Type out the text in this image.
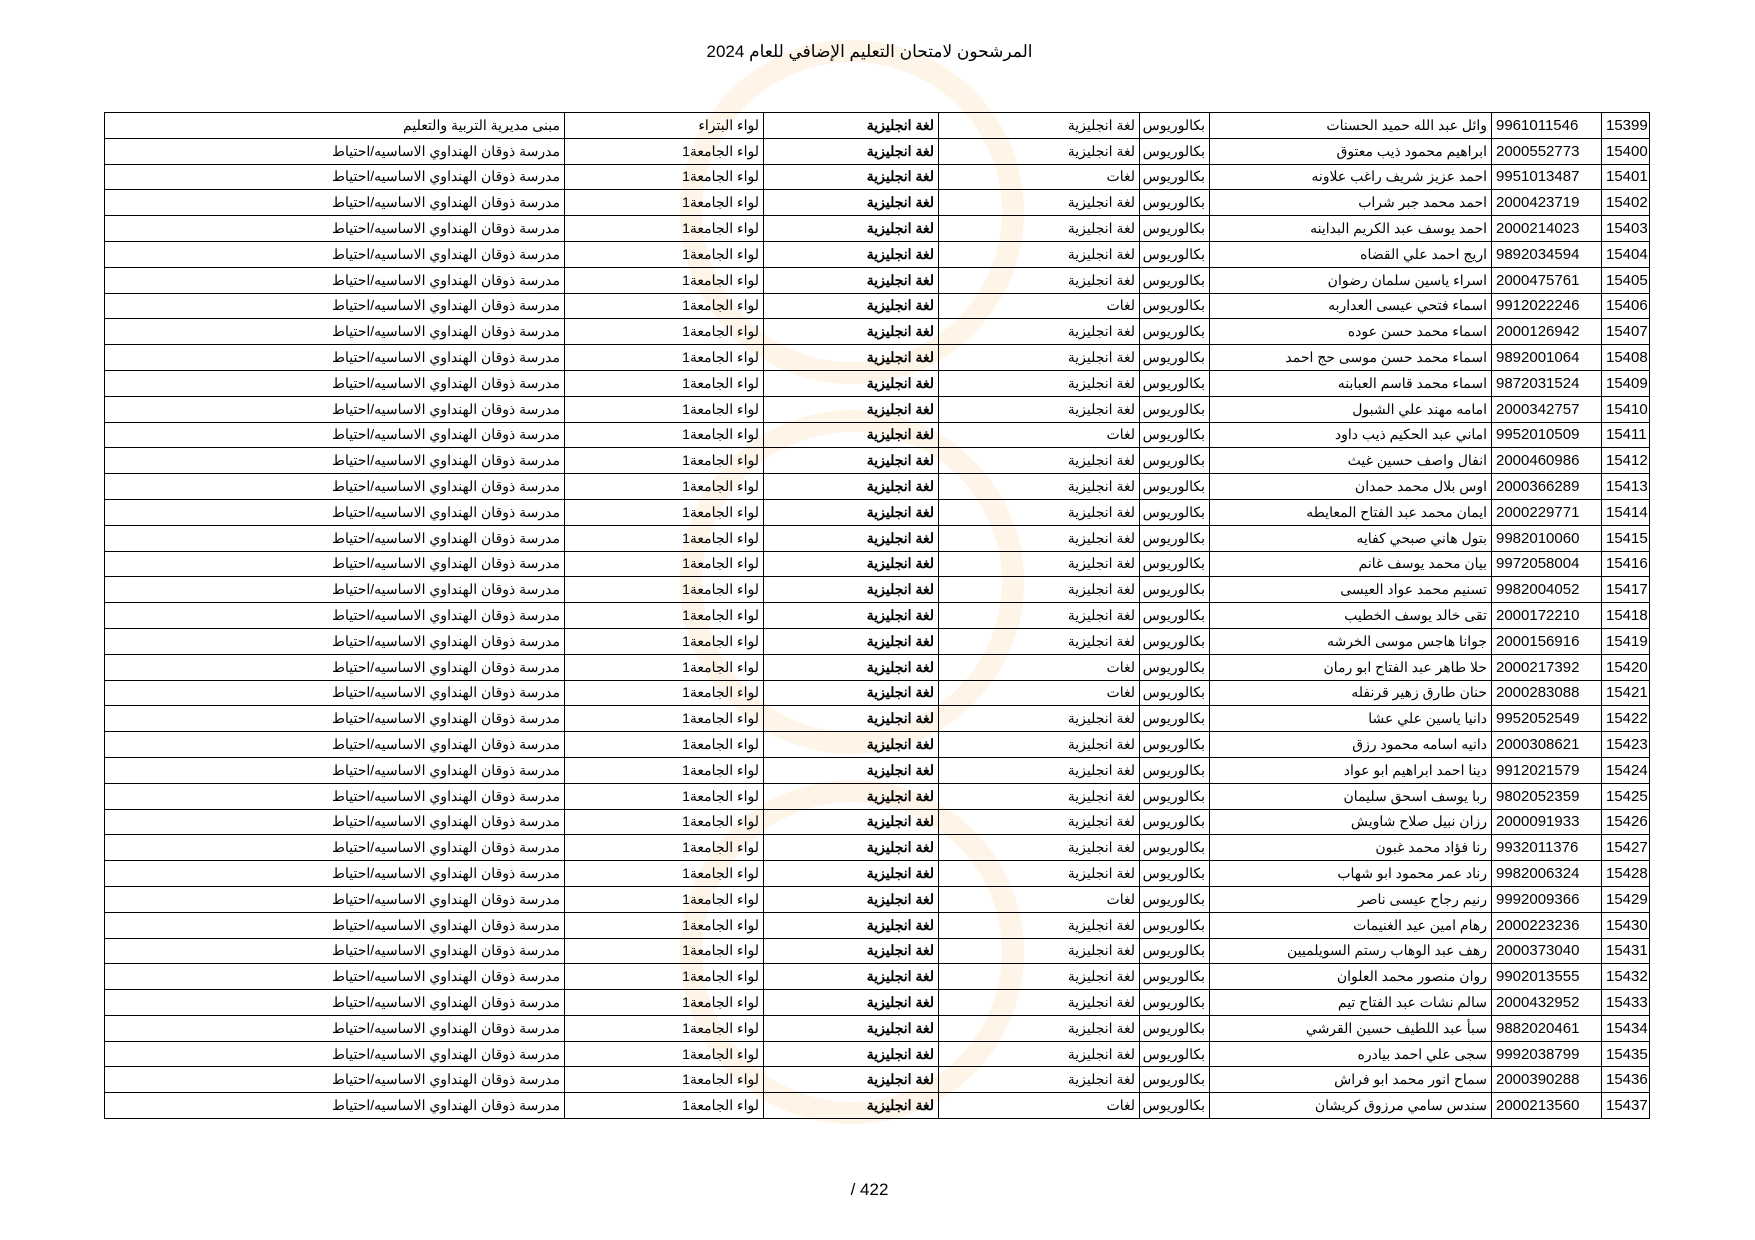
المرشحون لامتحان التعليم الإضافي للعام 2024
15399	9961011546	وائل عبد الله حميد الحسنات	بكالوريوس	لغة انجليزية	لغة انجليزية	لواء البتراء	مبنى مديرية التربية والتعليم
15400	2000552773	ابراهيم محمود ذيب معتوق	بكالوريوس	لغة انجليزية	لغة انجليزية	لواء الجامعة1	مدرسة ذوقان الهنداوي الاساسيه/احتياط
15401	9951013487	احمد عزيز شريف راغب علاونه	بكالوريوس	لغات	لغة انجليزية	لواء الجامعة1	مدرسة ذوقان الهنداوي الاساسيه/احتياط
15402	2000423719	احمد محمد جبر شراب	بكالوريوس	لغة انجليزية	لغة انجليزية	لواء الجامعة1	مدرسة ذوقان الهنداوي الاساسيه/احتياط
15403	2000214023	احمد يوسف عبد الكريم البداينه	بكالوريوس	لغة انجليزية	لغة انجليزية	لواء الجامعة1	مدرسة ذوقان الهنداوي الاساسيه/احتياط
15404	9892034594	اريج احمد علي القضاه	بكالوريوس	لغة انجليزية	لغة انجليزية	لواء الجامعة1	مدرسة ذوقان الهنداوي الاساسيه/احتياط
15405	2000475761	اسراء ياسين سلمان رضوان	بكالوريوس	لغة انجليزية	لغة انجليزية	لواء الجامعة1	مدرسة ذوقان الهنداوي الاساسيه/احتياط
15406	9912022246	اسماء فتحي عيسى العداربه	بكالوريوس	لغات	لغة انجليزية	لواء الجامعة1	مدرسة ذوقان الهنداوي الاساسيه/احتياط
15407	2000126942	اسماء محمد حسن عوده	بكالوريوس	لغة انجليزية	لغة انجليزية	لواء الجامعة1	مدرسة ذوقان الهنداوي الاساسيه/احتياط
15408	9892001064	اسماء محمد حسن موسى حج احمد	بكالوريوس	لغة انجليزية	لغة انجليزية	لواء الجامعة1	مدرسة ذوقان الهنداوي الاساسيه/احتياط
15409	9872031524	اسماء محمد قاسم العبابنه	بكالوريوس	لغة انجليزية	لغة انجليزية	لواء الجامعة1	مدرسة ذوقان الهنداوي الاساسيه/احتياط
15410	2000342757	امامه مهند علي الشبول	بكالوريوس	لغة انجليزية	لغة انجليزية	لواء الجامعة1	مدرسة ذوقان الهنداوي الاساسيه/احتياط
15411	9952010509	اماني عبد الحكيم ذيب داود	بكالوريوس	لغات	لغة انجليزية	لواء الجامعة1	مدرسة ذوقان الهنداوي الاساسيه/احتياط
15412	2000460986	انفال واصف حسين غيث	بكالوريوس	لغة انجليزية	لغة انجليزية	لواء الجامعة1	مدرسة ذوقان الهنداوي الاساسيه/احتياط
15413	2000366289	اوس بلال محمد حمدان	بكالوريوس	لغة انجليزية	لغة انجليزية	لواء الجامعة1	مدرسة ذوقان الهنداوي الاساسيه/احتياط
15414	2000229771	ايمان محمد عبد الفتاح المعايطه	بكالوريوس	لغة انجليزية	لغة انجليزية	لواء الجامعة1	مدرسة ذوقان الهنداوي الاساسيه/احتياط
15415	9982010060	بتول هاني صبحي كفايه	بكالوريوس	لغة انجليزية	لغة انجليزية	لواء الجامعة1	مدرسة ذوقان الهنداوي الاساسيه/احتياط
15416	9972058004	بيان محمد يوسف غانم	بكالوريوس	لغة انجليزية	لغة انجليزية	لواء الجامعة1	مدرسة ذوقان الهنداوي الاساسيه/احتياط
15417	9982004052	تسنيم محمد عواد العيسى	بكالوريوس	لغة انجليزية	لغة انجليزية	لواء الجامعة1	مدرسة ذوقان الهنداوي الاساسيه/احتياط
15418	2000172210	تقى خالد يوسف الخطيب	بكالوريوس	لغة انجليزية	لغة انجليزية	لواء الجامعة1	مدرسة ذوقان الهنداوي الاساسيه/احتياط
15419	2000156916	جوانا هاجس موسى الخرشه	بكالوريوس	لغة انجليزية	لغة انجليزية	لواء الجامعة1	مدرسة ذوقان الهنداوي الاساسيه/احتياط
15420	2000217392	حلا طاهر عبد الفتاح ابو رمان	بكالوريوس	لغات	لغة انجليزية	لواء الجامعة1	مدرسة ذوقان الهنداوي الاساسيه/احتياط
15421	2000283088	حنان طارق زهير قرنفله	بكالوريوس	لغات	لغة انجليزية	لواء الجامعة1	مدرسة ذوقان الهنداوي الاساسيه/احتياط
15422	9952052549	دانيا ياسين علي عشا	بكالوريوس	لغة انجليزية	لغة انجليزية	لواء الجامعة1	مدرسة ذوقان الهنداوي الاساسيه/احتياط
15423	2000308621	دانيه اسامه محمود رزق	بكالوريوس	لغة انجليزية	لغة انجليزية	لواء الجامعة1	مدرسة ذوقان الهنداوي الاساسيه/احتياط
15424	9912021579	دينا احمد ابراهيم ابو عواد	بكالوريوس	لغة انجليزية	لغة انجليزية	لواء الجامعة1	مدرسة ذوقان الهنداوي الاساسيه/احتياط
15425	9802052359	ربا يوسف اسحق سليمان	بكالوريوس	لغة انجليزية	لغة انجليزية	لواء الجامعة1	مدرسة ذوقان الهنداوي الاساسيه/احتياط
15426	2000091933	رزان نبيل صلاح شاويش	بكالوريوس	لغة انجليزية	لغة انجليزية	لواء الجامعة1	مدرسة ذوقان الهنداوي الاساسيه/احتياط
15427	9932011376	رنا فؤاد محمد غبون	بكالوريوس	لغة انجليزية	لغة انجليزية	لواء الجامعة1	مدرسة ذوقان الهنداوي الاساسيه/احتياط
15428	9982006324	رناد عمر محمود ابو شهاب	بكالوريوس	لغة انجليزية	لغة انجليزية	لواء الجامعة1	مدرسة ذوقان الهنداوي الاساسيه/احتياط
15429	9992009366	رنيم رجاح عيسى ناصر	بكالوريوس	لغات	لغة انجليزية	لواء الجامعة1	مدرسة ذوقان الهنداوي الاساسيه/احتياط
15430	2000223236	رهام امين عيد الغنيمات	بكالوريوس	لغة انجليزية	لغة انجليزية	لواء الجامعة1	مدرسة ذوقان الهنداوي الاساسيه/احتياط
15431	2000373040	رهف عبد الوهاب رستم السويلميين	بكالوريوس	لغة انجليزية	لغة انجليزية	لواء الجامعة1	مدرسة ذوقان الهنداوي الاساسيه/احتياط
15432	9902013555	روان منصور محمد العلوان	بكالوريوس	لغة انجليزية	لغة انجليزية	لواء الجامعة1	مدرسة ذوقان الهنداوي الاساسيه/احتياط
15433	2000432952	سالم نشات عبد الفتاح تيم	بكالوريوس	لغة انجليزية	لغة انجليزية	لواء الجامعة1	مدرسة ذوقان الهنداوي الاساسيه/احتياط
15434	9882020461	سبأ عبد اللطيف حسين القرشي	بكالوريوس	لغة انجليزية	لغة انجليزية	لواء الجامعة1	مدرسة ذوقان الهنداوي الاساسيه/احتياط
15435	9992038799	سجى علي احمد بيادره	بكالوريوس	لغة انجليزية	لغة انجليزية	لواء الجامعة1	مدرسة ذوقان الهنداوي الاساسيه/احتياط
15436	2000390288	سماح انور محمد ابو فراش	بكالوريوس	لغة انجليزية	لغة انجليزية	لواء الجامعة1	مدرسة ذوقان الهنداوي الاساسيه/احتياط
15437	2000213560	سندس سامي مرزوق كريشان	بكالوريوس	لغات	لغة انجليزية	لواء الجامعة1	مدرسة ذوقان الهنداوي الاساسيه/احتياط
/ 422
